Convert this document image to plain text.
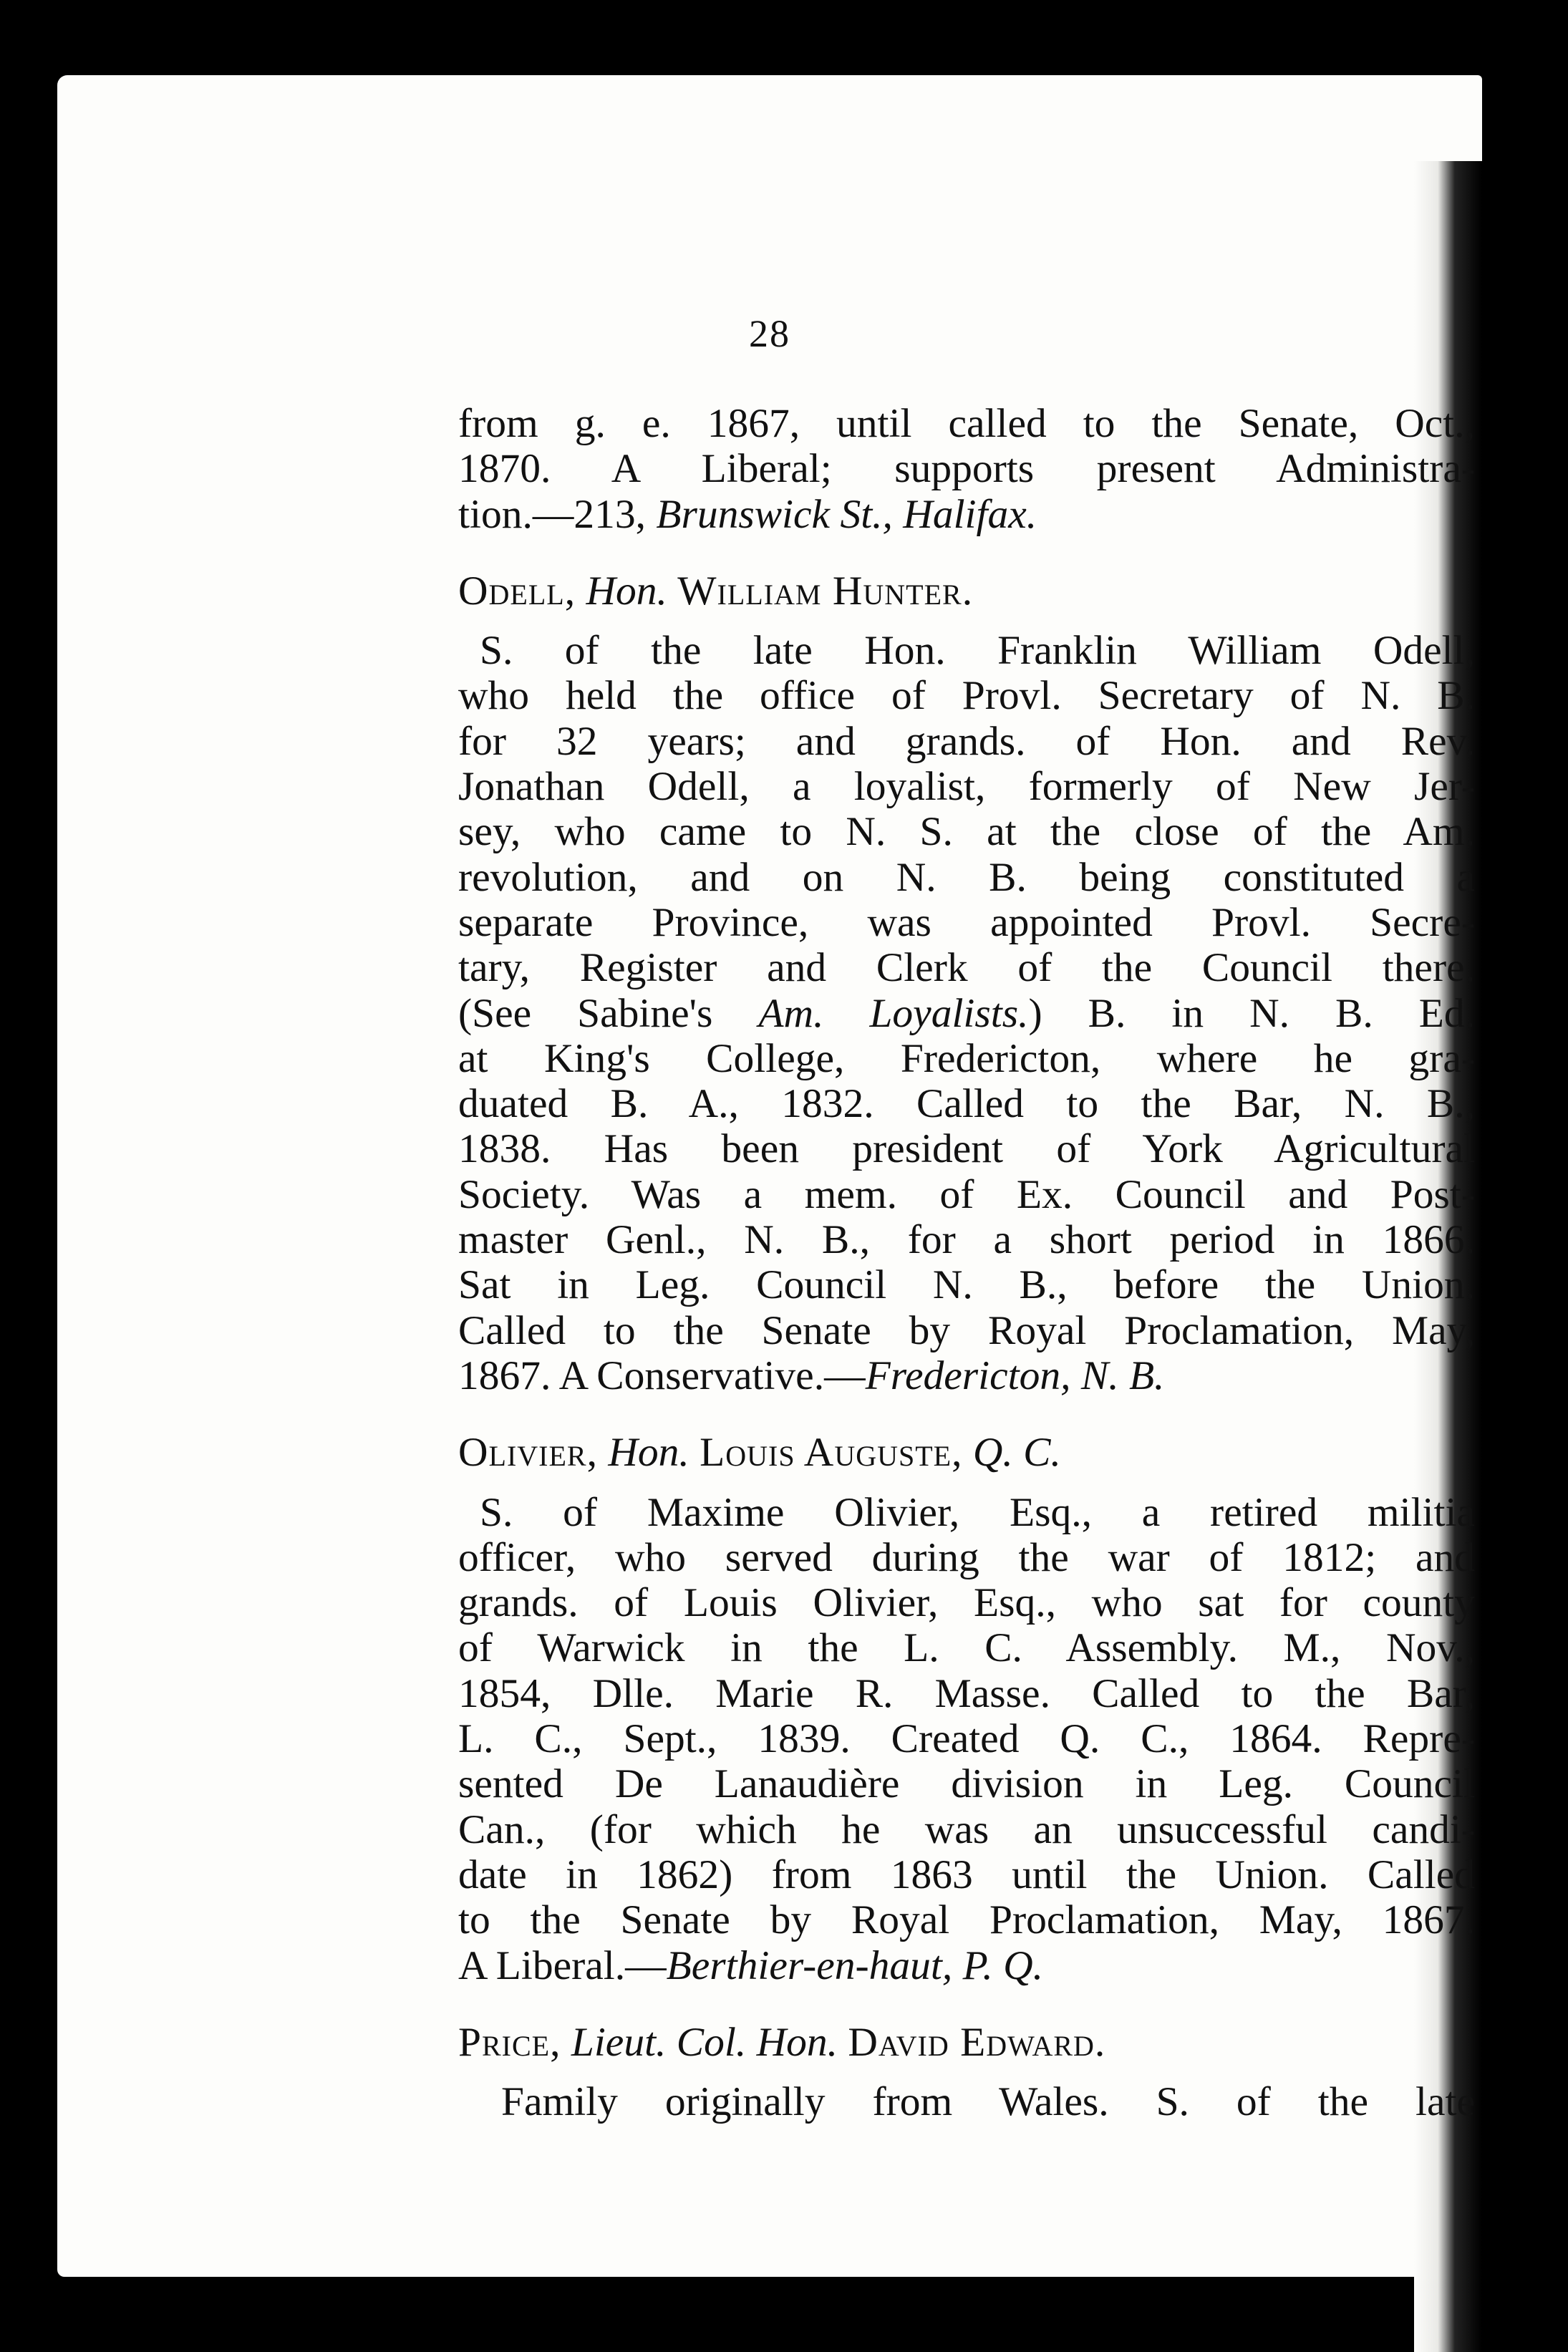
28
from g. e. 1867, until called to the Senate, Oct.,
1870. A Liberal; supports present Administra-
tion.—213, Brunswick St., Halifax.
Odell, Hon. William Hunter.
S. of the late Hon. Franklin William Odell,
who held the office of Provl. Secretary of N. B.
for 32 years; and grands. of Hon. and Rev.
Jonathan Odell, a loyalist, formerly of New Jer-
sey, who came to N. S. at the close of the Am.
revolution, and on N. B. being constituted a
separate Province, was appointed Provl. Secre-
tary, Register and Clerk of the Council there.
(See Sabine's Am. Loyalists.) B. in N. B. Ed.
at King's College, Fredericton, where he gra-
duated B. A., 1832. Called to the Bar, N. B.,
1838. Has been president of York Agricultural
Society. Was a mem. of Ex. Council and Post-
master Genl., N. B., for a short period in 1866.
Sat in Leg. Council N. B., before the Union.
Called to the Senate by Royal Proclamation, May,
1867. A Conservative.—Fredericton, N. B.
Olivier, Hon. Louis Auguste, Q. C.
S. of Maxime Olivier, Esq., a retired militia
officer, who served during the war of 1812; and
grands. of Louis Olivier, Esq., who sat for county
of Warwick in the L. C. Assembly. M., Nov.,
1854, Dlle. Marie R. Masse. Called to the Bar,
L. C., Sept., 1839. Created Q. C., 1864. Repre-
sented De Lanaudière division in Leg. Council
Can., (for which he was an unsuccessful candi-
date in 1862) from 1863 until the Union. Called
to the Senate by Royal Proclamation, May, 1867.
A Liberal.—Berthier-en-haut, P. Q.
Price, Lieut. Col. Hon. David Edward.
Family originally from Wales. S. of the late
